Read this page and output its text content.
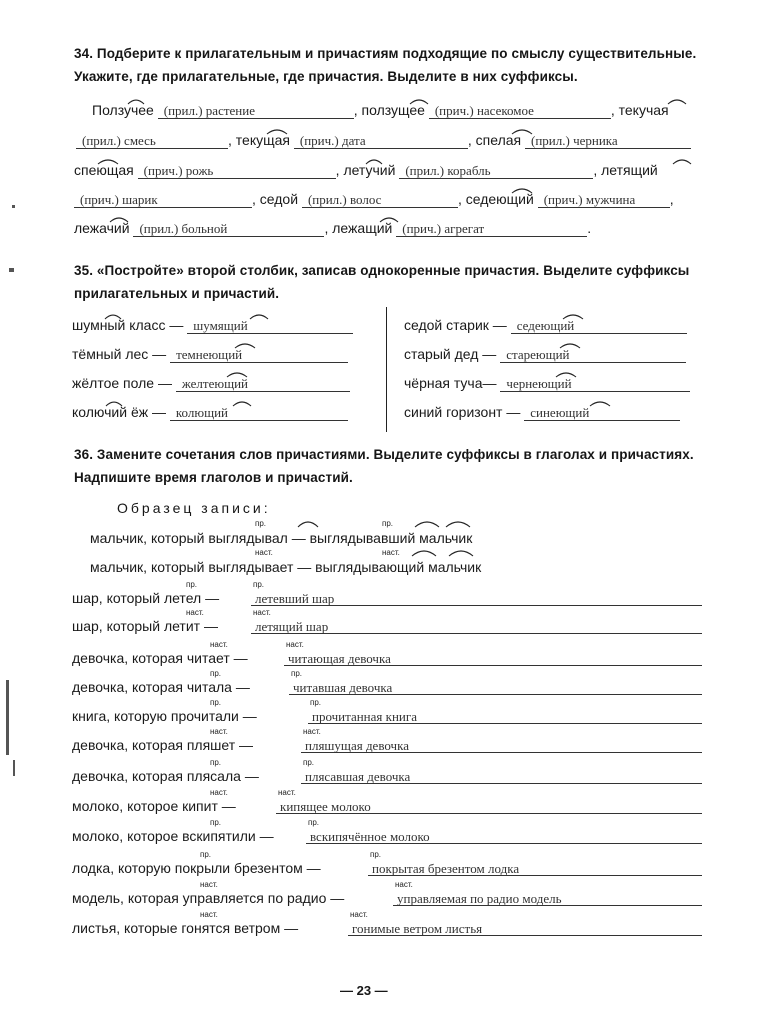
34. Подберите к прилагательным и причастиям подходящие по смыслу существительные.

Укажите, где прилагательные, где причастия. Выделите в них суффиксы.

Ползучее (прил.) растение	, ползущее (прич.) насекомое	, текучая
(прил.) смесь	, текущая (прич.) дата	, спелая (прил.) черника
спеющая (прич.) рожь	, летучий (прил.) корабль	, летящий
(прич.) шарик	, седой (прил.) волос	, седеющий (прич.) мужчина ,
лежачий (прил.) больной	, лежащий (прич.) агрегат	.

35. «Постройте» второй столбик, записав однокоренные причастия. Выделите суффиксы

прилагательных и причастий.

шумный класс — шумящий
тёмный лес — темнеющий
жёлтое поле — желтеющий
колючий ёж — колющий
седой старик — седеющий
старый дед — стареющий
чёрная туча— чернеющий
синий горизонт — синеющий

36. Замените сочетания слов причастиями. Выделите суффиксы в глаголах и причастиях.

Надпишите время глаголов и причастий.

Образец записи:
мальчик, который выглядывал — выглядывавший мальчик
пр.	пр.
мальчик, который выглядывает — выглядывающий мальчик
наст.	наст.
шар, который летел —	летевший шар
пр.	пр.
шар, который летит —	летящий шар
наст.	наст.
девочка, которая читает —	читающая девочка
наст.	наст.
девочка, которая читала —	читавшая девочка
пр.	пр.
книга, которую прочитали —	прочитанная книга
пр.	пр.
девочка, которая пляшет —	пляшущая девочка
наст.	наст.
девочка, которая плясала —	плясавшая девочка
пр.	пр.
молоко, которое кипит —	кипящее молоко
наст.	наст.
молоко, которое вскипятили —	вскипячённое молоко
пр.	пр.
лодка, которую покрыли брезентом —	покрытая брезентом лодка
пр.	пр.
модель, которая управляется по радио —	управляемая по радио модель
наст.	наст.
листья, которые гонятся ветром —	гонимые ветром листья
наст.	наст.
— 23 —
